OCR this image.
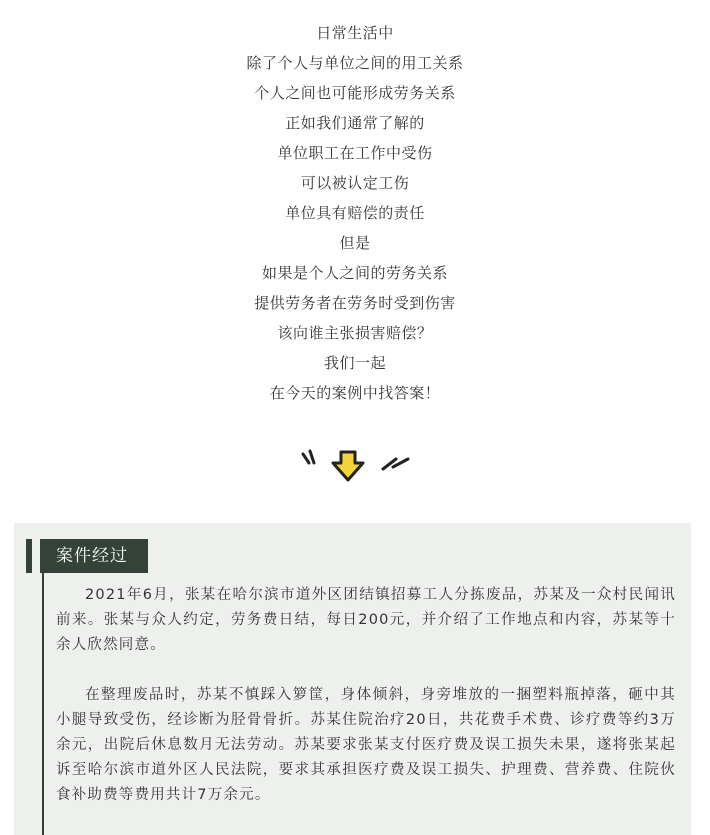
日常生活中
除了个人与单位之间的用工关系
个人之间也可能形成劳务关系
正如我们通常了解的
单位职工在工作中受伤
可以被认定工伤
单位具有赔偿的责任
但是
如果是个人之间的劳务关系
提供劳务者在劳务时受到伤害
该向谁主张损害赔偿？
我们一起
在今天的案例中找答案！
案件经过

2021年6月，张某在哈尔滨市道外区团结镇招募工人分拣废品，苏某及一众村民闻讯前来。张某与众人约定，劳务费日结，每日200元，并介绍了工作地点和内容，苏某等十余人欣然同意。

在整理废品时，苏某不慎踩入箩筐，身体倾斜，身旁堆放的一捆塑料瓶掉落，砸中其小腿导致受伤，经诊断为胫骨骨折。苏某住院治疗20日，共花费手术费、诊疗费等约3万余元，出院后休息数月无法劳动。苏某要求张某支付医疗费及误工损失未果，遂将张某起诉至哈尔滨市道外区人民法院，要求其承担医疗费及误工损失、护理费、营养费、住院伙食补助费等费用共计7万余元。
